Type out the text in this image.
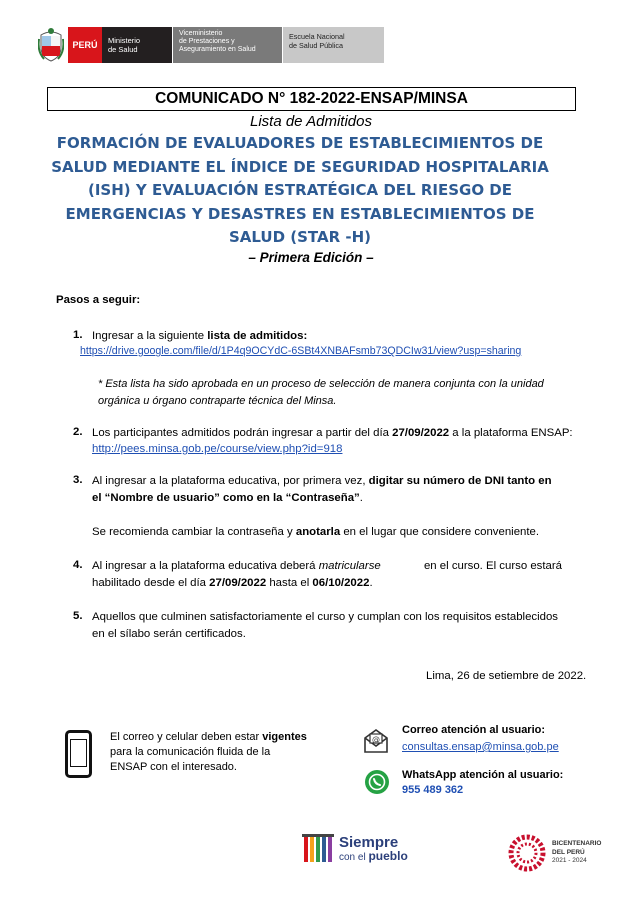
PERÚ	Ministerio
de Salud
Viceministerio
de Prestaciones y
Aseguramiento en Salud
Escuela Nacional
de Salud Pública
COMUNICADO N° 182-2022-ENSAP/MINSA
Lista de Admitidos
FORMACIÓN DE EVALUADORES DE ESTABLECIMIENTOS DE
SALUD MEDIANTE EL ÍNDICE DE SEGURIDAD HOSPITALARIA
(ISH) Y EVALUACIÓN ESTRATÉGICA DEL RIESGO DE
EMERGENCIAS Y DESASTRES EN ESTABLECIMIENTOS DE
SALUD (STAR -H)
– Primera Edición –
Pasos a seguir:
1. Ingresar a la siguiente lista de admitidos:
https://drive.google.com/file/d/1P4q9OCYdC-6SBt4XNBAFsmb73QDCIw31/view?usp=sharing
* Esta lista ha sido aprobada en un proceso de selección de manera conjunta con la unidad
orgánica u órgano contraparte técnica del Minsa.
2. Los participantes admitidos podrán ingresar a partir del día 27/09/2022 a la plataforma ENSAP:
http://pees.minsa.gob.pe/course/view.php?id=918
3. Al ingresar a la plataforma educativa, por primera vez, digitar su número de DNI tanto en
el “Nombre de usuario” como en la “Contraseña”.
Se recomienda cambiar la contraseña y anotarla en el lugar que considere conveniente.
4. Al ingresar a la plataforma educativa deberá matricularse	en el curso. El curso estará
habilitado desde el día 27/09/2022 hasta el 06/10/2022.
5. Aquellos que culminen satisfactoriamente el curso y cumplan con los requisitos establecidos
en el sílabo serán certificados.
Lima, 26 de setiembre de 2022.
El correo y celular deben estar vigentes
para la comunicación fluida de la
ENSAP con el interesado.
@
Correo atención al usuario:
consultas.ensap@minsa.gob.pe
WhatsApp atención al usuario:
955 489 362
Siempre
con el pueblo
BICENTENARIO
DEL PERÚ
2021 - 2024
